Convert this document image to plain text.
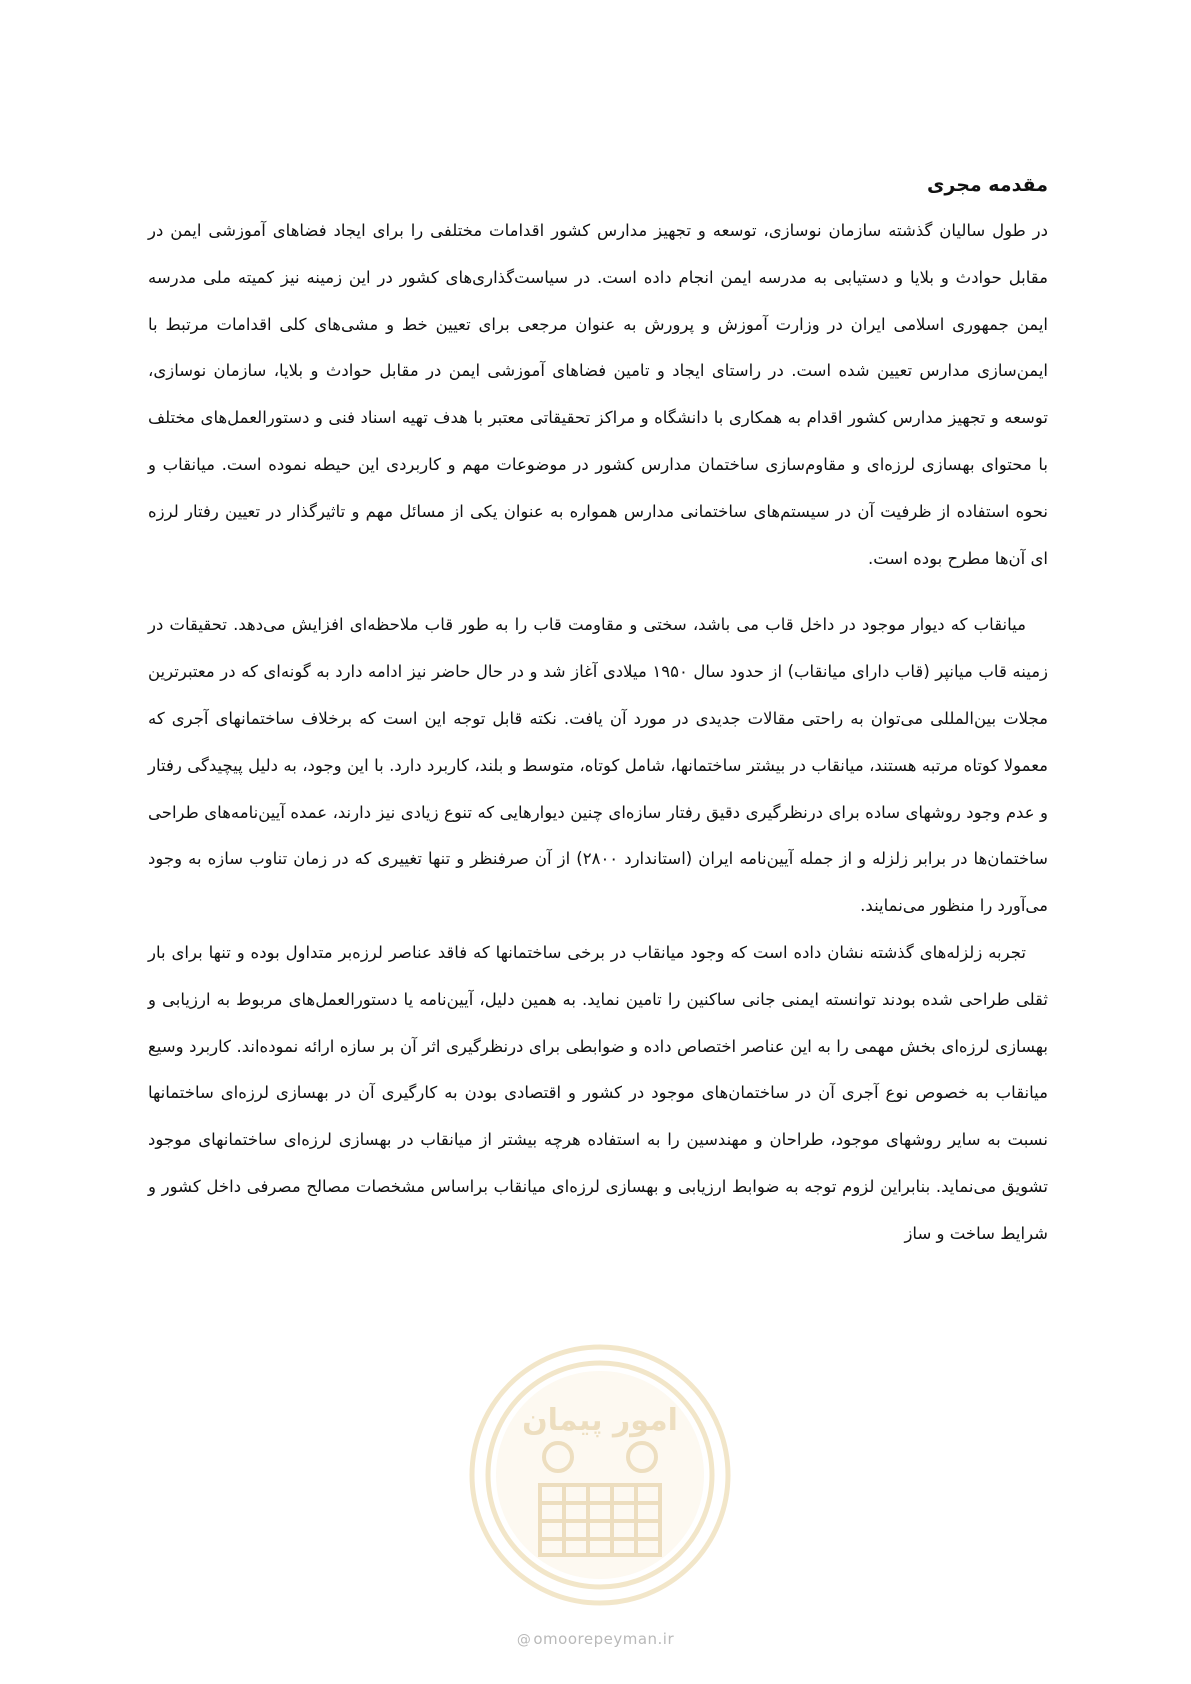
مقدمه مجری

در طول سالیان گذشته سازمان نوسازی، توسعه و تجهیز مدارس کشور اقدامات مختلفی را برای ایجاد فضاهای آموزشی ایمن در مقابل حوادث و بلایا و دستیابی به مدرسه ایمن انجام داده است. در سیاست‌گذاری‌های کشور در این زمینه نیز کمیته ملی مدرسه ایمن جمهوری اسلامی ایران در وزارت آموزش و پرورش به عنوان مرجعی برای تعیین خط و مشی‌های کلی اقدامات مرتبط با ایمن‌سازی مدارس تعیین شده است. در راستای ایجاد و تامین فضاهای آموزشی ایمن در مقابل حوادث و بلایا، سازمان نوسازی، توسعه و تجهیز مدارس کشور اقدام به همکاری با دانشگاه و مراکز تحقیقاتی معتبر با هدف تهیه اسناد فنی و دستورالعمل‌های مختلف با محتوای بهسازی لرزه‌ای و مقاوم‌سازی ساختمان مدارس کشور در موضوعات مهم و کاربردی این حیطه نموده است. میانقاب و نحوه استفاده از ظرفیت آن در سیستم‌های ساختمانی مدارس همواره به عنوان یکی از مسائل مهم و تاثیرگذار در تعیین رفتار لرزه ای آن‌ها مطرح بوده است.

میانقاب که دیوار موجود در داخل قاب می باشد، سختی و مقاومت قاب را به طور قاب ملاحظه‌ای افزایش می‌دهد. تحقیقات در زمینه قاب میانپر (قاب دارای میانقاب) از حدود سال ۱۹۵۰ میلادی آغاز شد و در حال حاضر نیز ادامه دارد به گونه‌ای که در معتبرترین مجلات بین‌المللی می‌توان به راحتی مقالات جدیدی در مورد آن یافت. نکته قابل توجه این است که برخلاف ساختمانهای آجری که معمولا کوتاه مرتبه هستند، میانقاب در بیشتر ساختمانها، شامل کوتاه، متوسط و بلند، کاربرد دارد. با این وجود، به دلیل پیچیدگی رفتار و عدم وجود روشهای ساده برای درنظرگیری دقیق رفتار سازه‌ای چنین دیوارهایی که تنوع زیادی نیز دارند، عمده آیین‌نامه‌های طراحی ساختمان‌ها در برابر زلزله و از جمله آیین‌نامه ایران (استاندارد ۲۸۰۰) از آن صرفنظر و تنها تغییری که در زمان تناوب سازه به وجود می‌آورد را منظور می‌نمایند.

تجربه زلزله‌های گذشته نشان داده است که وجود میانقاب در برخی ساختمانها که فاقد عناصر لرزه‌بر متداول بوده و تنها برای بار ثقلی طراحی شده بودند توانسته ایمنی جانی ساکنین را تامین نماید. به همین دلیل، آیین‌نامه یا دستورالعمل‌های مربوط به ارزیابی و بهسازی لرزه‌ای بخش مهمی را به این عناصر اختصاص داده و ضوابطی برای درنظرگیری اثر آن بر سازه ارائه نموده‌اند. کاربرد وسیع میانقاب به خصوص نوع آجری آن در ساختمان‌های موجود در کشور و اقتصادی بودن به کارگیری آن در بهسازی لرزه‌ای ساختمانها نسبت به سایر روشهای موجود، طراحان و مهندسین را به استفاده هرچه بیشتر از میانقاب در بهسازی لرزه‌ای ساختمانهای موجود تشویق می‌نماید. بنابراین لزوم توجه به ضوابط ارزیابی و بهسازی لرزه‌ای میانقاب براساس مشخصات مصالح مصرفی داخل کشور و شرایط ساخت و ساز

امور پیمان
@ omoorepeyman.ir
